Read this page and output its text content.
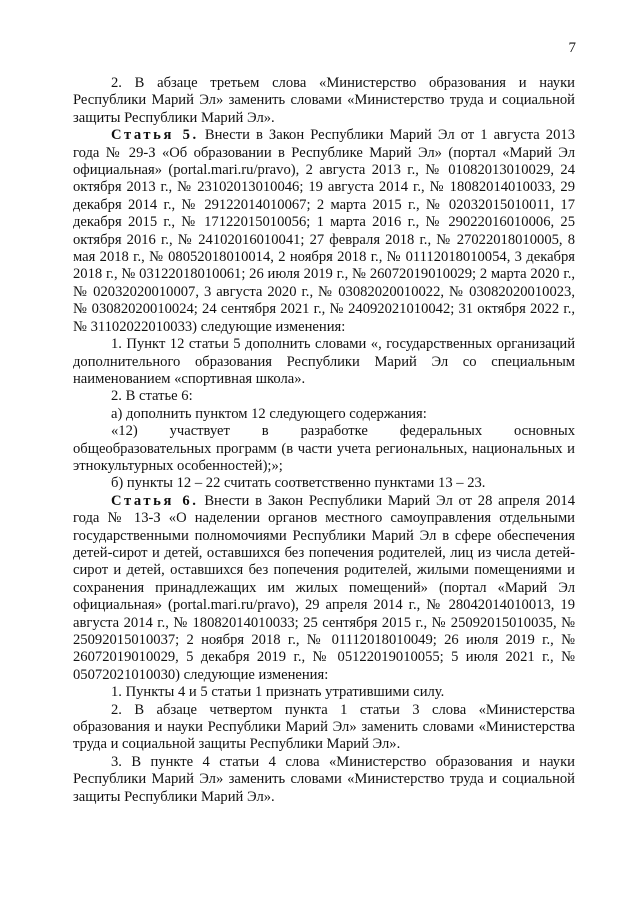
7

2. В абзаце третьем слова «Министерство образования и науки Республики Марий Эл» заменить словами «Министерство труда и социальной защиты Республики Марий Эл».

Статья 5. Внести в Закон Республики Марий Эл от 1 августа 2013 года № 29-З «Об образовании в Республике Марий Эл» (портал «Марий Эл официальная» (portal.mari.ru/pravo), 2 августа 2013 г., № 01082013010029, 24 октября 2013 г., № 23102013010046; 19 августа 2014 г., № 18082014010033, 29 декабря 2014 г., № 29122014010067; 2 марта 2015 г., № 02032015010011, 17 декабря 2015 г., № 17122015010056; 1 марта 2016 г., № 29022016010006, 25 октября 2016 г., № 24102016010041; 27 февраля 2018 г., № 27022018010005, 8 мая 2018 г., № 08052018010014, 2 ноября 2018 г., № 01112018010054, 3 декабря 2018 г., № 03122018010061; 26 июля 2019 г., № 26072019010029; 2 марта 2020 г., № 02032020010007, 3 августа 2020 г., № 03082020010022, № 03082020010023, № 03082020010024; 24 сентября 2021 г., № 24092021010042; 31 октября 2022 г., № 31102022010033) следующие изменения:

1. Пункт 12 статьи 5 дополнить словами «, государственных организаций дополнительного образования Республики Марий Эл со специальным наименованием «спортивная школа».

2. В статье 6:

а) дополнить пунктом 12 следующего содержания:

«12) участвует в разработке федеральных основных общеобразовательных программ (в части учета региональных, национальных и этнокультурных особенностей);»;

б) пункты 12 – 22 считать соответственно пунктами 13 – 23.

Статья 6. Внести в Закон Республики Марий Эл от 28 апреля 2014 года № 13-З «О наделении органов местного самоуправления отдельными государственными полномочиями Республики Марий Эл в сфере обеспечения детей-сирот и детей, оставшихся без попечения родителей, лиц из числа детей-сирот и детей, оставшихся без попечения родителей, жилыми помещениями и сохранения принадлежащих им жилых помещений» (портал «Марий Эл официальная» (portal.mari.ru/pravo), 29 апреля 2014 г., № 28042014010013, 19 августа 2014 г., № 18082014010033; 25 сентября 2015 г., № 25092015010035, № 25092015010037; 2 ноября 2018 г., № 01112018010049; 26 июля 2019 г., № 26072019010029, 5 декабря 2019 г., № 05122019010055; 5 июля 2021 г., № 05072021010030) следующие изменения:

1. Пункты 4 и 5 статьи 1 признать утратившими силу.

2. В абзаце четвертом пункта 1 статьи 3 слова «Министерства образования и науки Республики Марий Эл» заменить словами «Министерства труда и социальной защиты Республики Марий Эл».

3. В пункте 4 статьи 4 слова «Министерство образования и науки Республики Марий Эл» заменить словами «Министерство труда и социальной защиты Республики Марий Эл».
